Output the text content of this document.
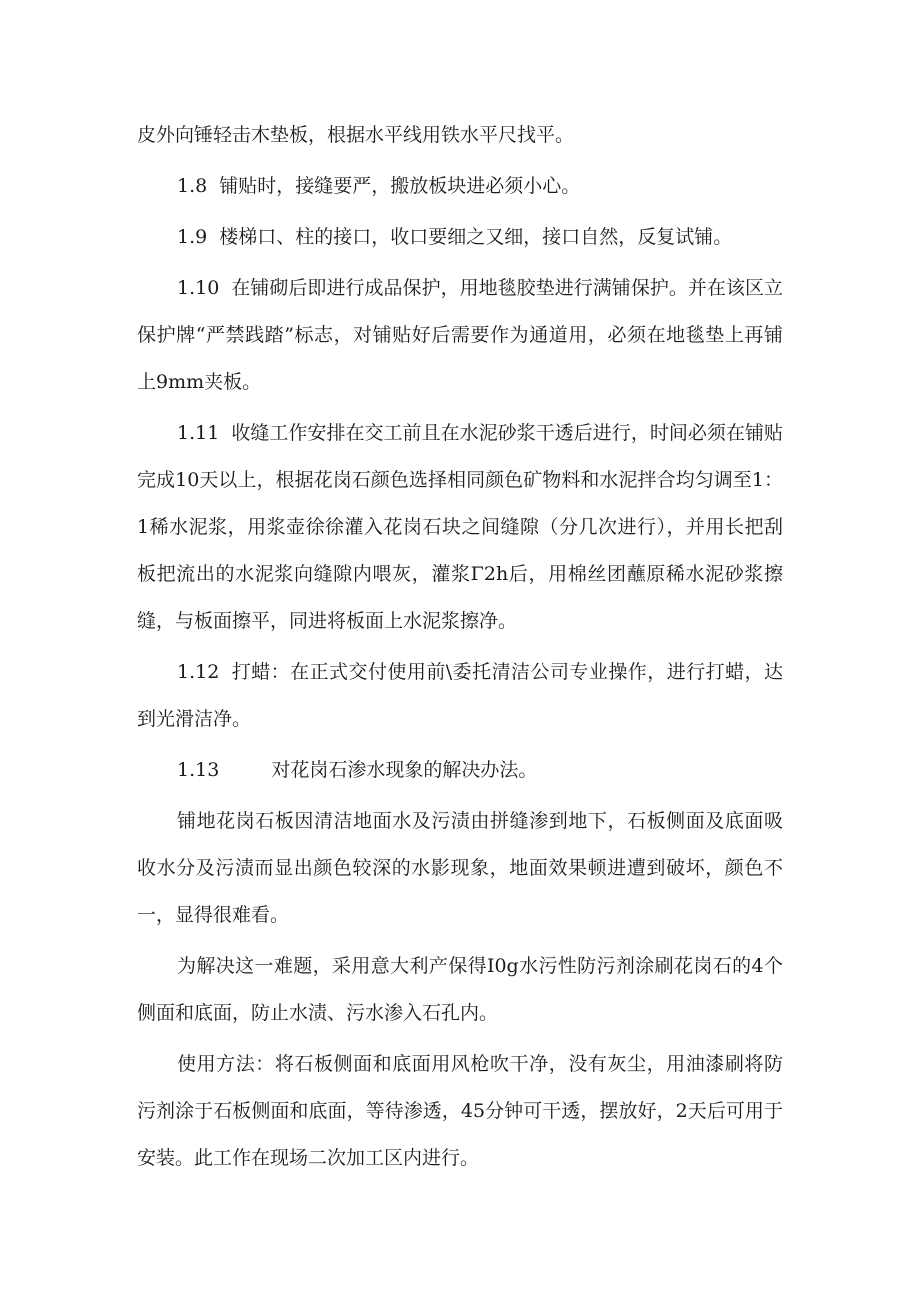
皮外向锤轻击木垫板，根据水平线用铁水平尺找平。

1.8 铺贴时，接缝要严，搬放板块进必须小心。

1.9 楼梯口、柱的接口，收口要细之又细，接口自然，反复试铺。

1.10 在铺砌后即进行成品保护，用地毯胶垫进行满铺保护。并在该区立保护牌“严禁践踏”标志，对铺贴好后需要作为通道用，必须在地毯垫上再铺上9mm夹板。

1.11 收缝工作安排在交工前且在水泥砂浆干透后进行，时间必须在铺贴完成10天以上，根据花岗石颜色选择相同颜色矿物料和水泥拌合均匀调至1：1稀水泥浆，用浆壶徐徐灌入花岗石块之间缝隙（分几次进行），并用长把刮板把流出的水泥浆向缝隙内喂灰，灌浆Γ2h后，用棉丝团蘸原稀水泥砂浆擦缝，与板面擦平，同进将板面上水泥浆擦净。

1.12 打蜡：在正式交付使用前\委托清洁公司专业操作，进行打蜡，达到光滑洁净。

1.13	对花岗石渗水现象的解决办法。

铺地花岗石板因清洁地面水及污渍由拼缝渗到地下，石板侧面及底面吸收水分及污渍而显出颜色较深的水影现象，地面效果顿进遭到破坏，颜色不一，显得很难看。

为解决这一难题，采用意大利产保得I0g水污性防污剂涂刷花岗石的4个侧面和底面，防止水渍、污水渗入石孔内。

使用方法：将石板侧面和底面用风枪吹干净，没有灰尘，用油漆刷将防污剂涂于石板侧面和底面，等待渗透，45分钟可干透，摆放好，2天后可用于安装。此工作在现场二次加工区内进行。
